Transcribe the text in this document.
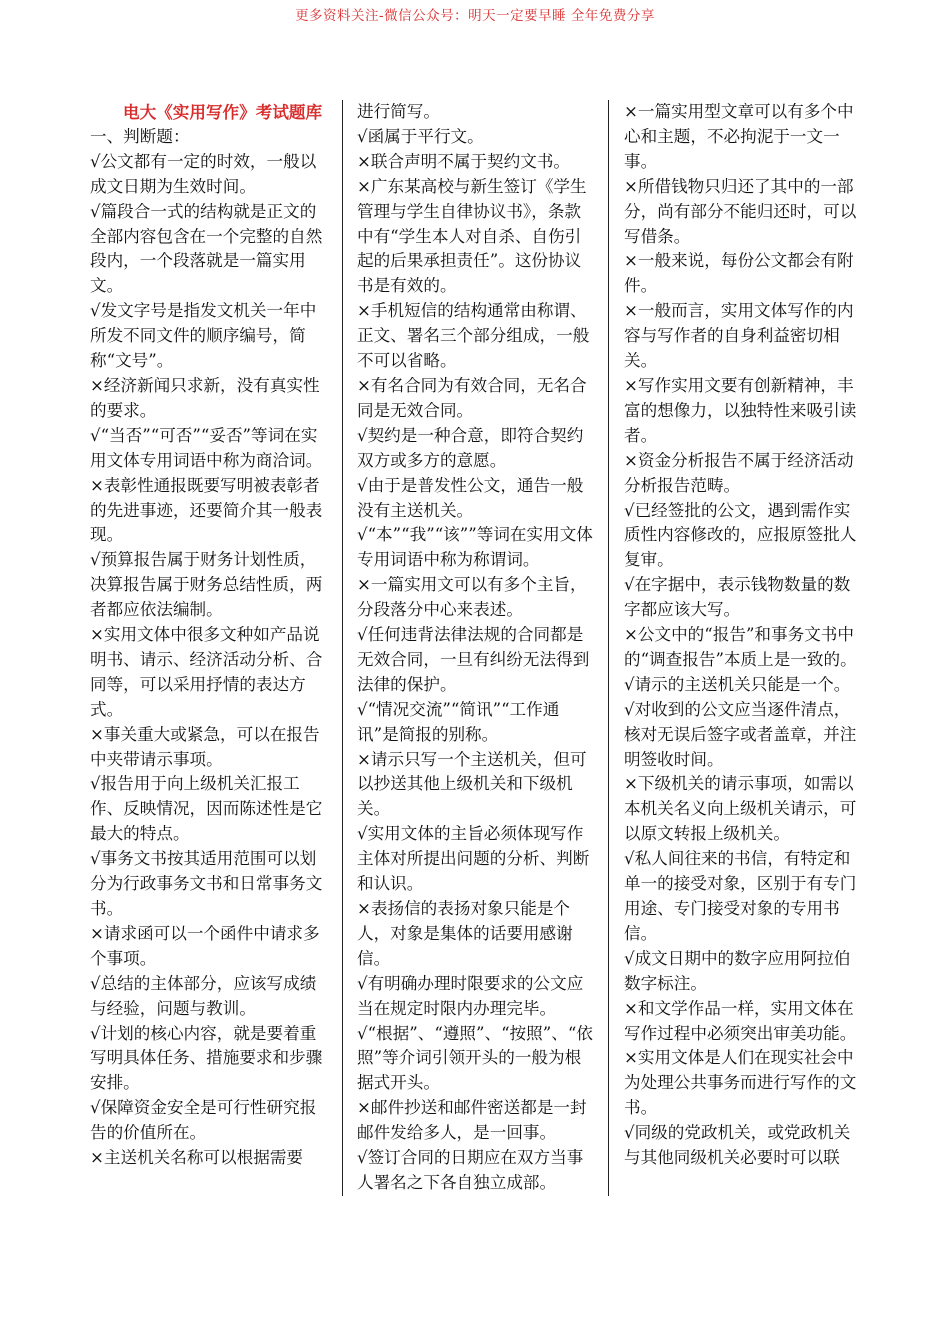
更多资料关注-微信公众号：明天一定要早睡 全年免费分享
电大《实用写作》考试题库
一、判断题：
√公文都有一定的时效，一般以成文日期为生效时间。
√篇段合一式的结构就是正文的全部内容包含在一个完整的自然段内，一个段落就是一篇实用文。
√发文字号是指发文机关一年中所发不同文件的顺序编号，简称“文号”。
×经济新闻只求新，没有真实性的要求。
√“当否”“可否”“妥否”等词在实用文体专用词语中称为商洽词。
×表彰性通报既要写明被表彰者的先进事迹，还要简介其一般表现。
√预算报告属于财务计划性质，决算报告属于财务总结性质，两者都应依法编制。
×实用文体中很多文种如产品说明书、请示、经济活动分析、合同等，可以采用抒情的表达方式。
×事关重大或紧急，可以在报告中夹带请示事项。
√报告用于向上级机关汇报工作、反映情况，因而陈述性是它最大的特点。
√事务文书按其适用范围可以划分为行政事务文书和日常事务文书。
×请求函可以一个函件中请求多个事项。
√总结的主体部分，应该写成绩与经验，问题与教训。
√计划的核心内容，就是要着重写明具体任务、措施要求和步骤安排。
√保障资金安全是可行性研究报告的价值所在。
×主送机关名称可以根据需要
进行简写。
√函属于平行文。
×联合声明不属于契约文书。
×广东某高校与新生签订《学生管理与学生自律协议书》，条款中有“学生本人对自杀、自伤引起的后果承担责任”。这份协议书是有效的。
×手机短信的结构通常由称谓、正文、署名三个部分组成，一般不可以省略。
×有名合同为有效合同，无名合同是无效合同。
√契约是一种合意，即符合契约双方或多方的意愿。
√由于是普发性公文，通告一般没有主送机关。
√“本”“我”“该””等词在实用文体专用词语中称为称谓词。
×一篇实用文可以有多个主旨，分段落分中心来表述。
√任何违背法律法规的合同都是无效合同，一旦有纠纷无法得到法律的保护。
√“情况交流”“简讯”“工作通讯”是简报的别称。
×请示只写一个主送机关，但可以抄送其他上级机关和下级机关。
√实用文体的主旨必须体现写作主体对所提出问题的分析、判断和认识。
×表扬信的表扬对象只能是个人，对象是集体的话要用感谢信。
√有明确办理时限要求的公文应当在规定时限内办理完毕。
√“根据”、“遵照”、“按照”、“依照”等介词引领开头的一般为根据式开头。
×邮件抄送和邮件密送都是一封邮件发给多人，是一回事。
√签订合同的日期应在双方当事人署名之下各自独立成部。
×一篇实用型文章可以有多个中心和主题，不必拘泥于一文一事。
×所借钱物只归还了其中的一部分，尚有部分不能归还时，可以写借条。
×一般来说，每份公文都会有附件。
×一般而言，实用文体写作的内容与写作者的自身利益密切相关。
×写作实用文要有创新精神，丰富的想像力，以独特性来吸引读者。
×资金分析报告不属于经济活动分析报告范畴。
√已经签批的公文，遇到需作实质性内容修改的，应报原签批人复审。
√在字据中，表示钱物数量的数字都应该大写。
×公文中的“报告”和事务文书中的“调查报告”本质上是一致的。
√请示的主送机关只能是一个。
√对收到的公文应当逐件清点，核对无误后签字或者盖章，并注明签收时间。
×下级机关的请示事项，如需以本机关名义向上级机关请示，可以原文转报上级机关。
√私人间往来的书信，有特定和单一的接受对象，区别于有专门用途、专门接受对象的专用书信。
√成文日期中的数字应用阿拉伯数字标注。
×和文学作品一样，实用文体在写作过程中必须突出审美功能。
×实用文体是人们在现实社会中为处理公共事务而进行写作的文书。
√同级的党政机关，或党政机关与其他同级机关必要时可以联
